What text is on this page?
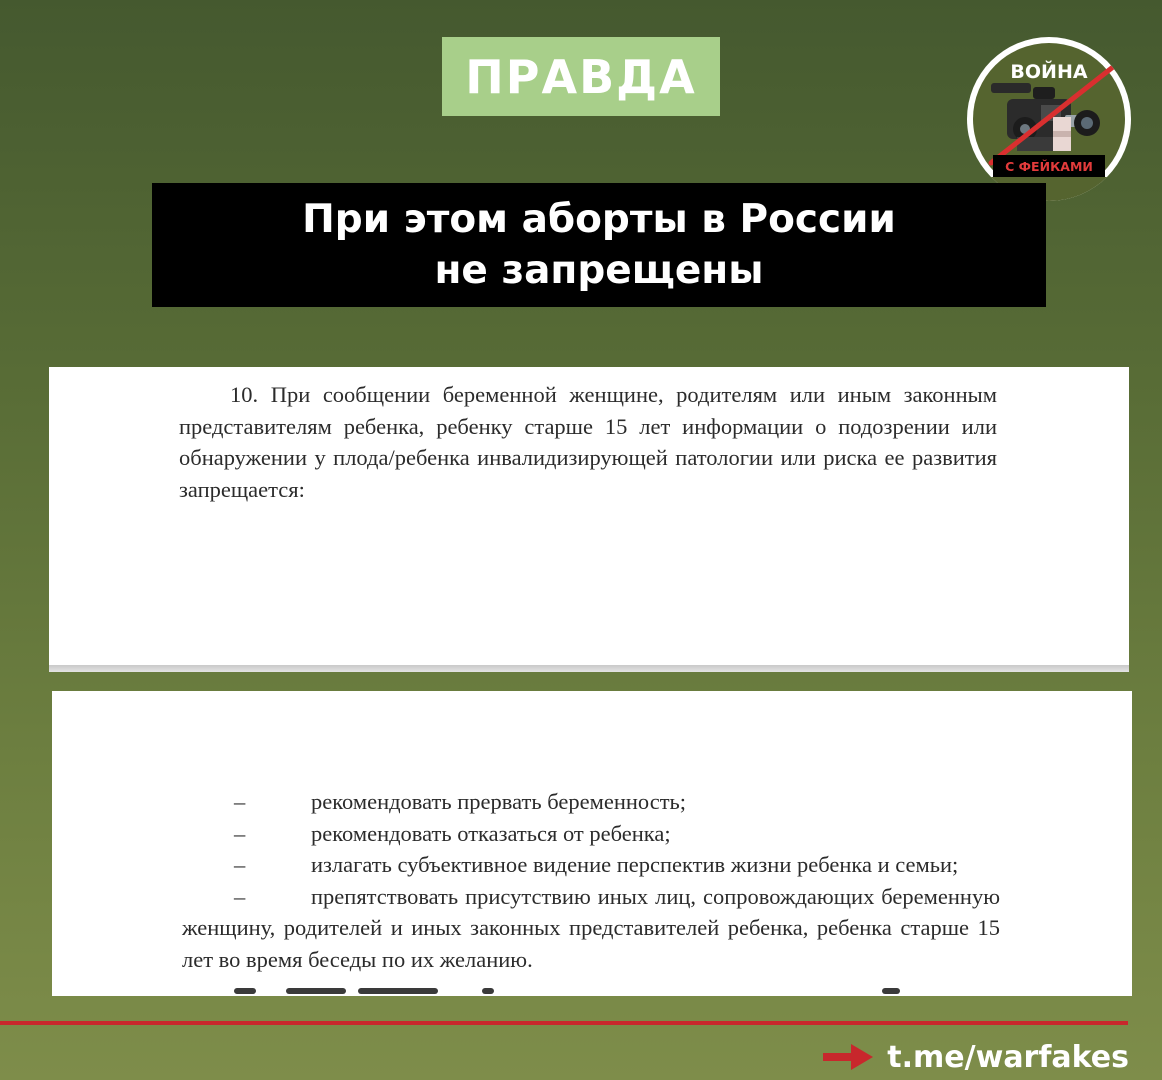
ПРАВДА	ВОЙНА
С ФЕЙКАМИ
При этом аборты в России
не запрещены

10. При сообщении беременной женщине, родителям или иным законным представителям ребенка, ребенку старше 15 лет информации о подозрении или обнаружении у плода/ребенка инвалидизирующей патологии или риска ее развития запрещается:

–	рекомендовать прервать беременность;

–	рекомендовать отказаться от ребенка;

–	излагать субъективное видение перспектив жизни ребенка и семьи;

–	препятствовать присутствию иных лиц, сопровождающих беременную женщину, родителей и иных законных представителей ребенка, ребенка старше 15 лет во время беседы по их желанию.

t.me/warfakes
